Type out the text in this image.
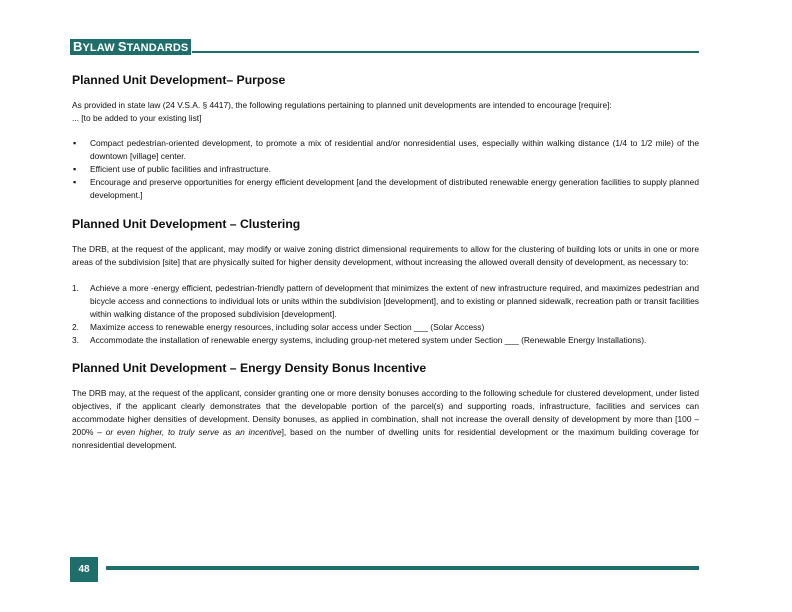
BYLAW STANDARDS
Planned Unit Development– Purpose

As provided in state law (24 V.S.A. § 4417), the following regulations pertaining to planned unit developments are intended to encourage [require]:

... [to be added to your existing list]

▪ Compact pedestrian-oriented development, to promote a mix of residential and/or nonresidential uses, especially within walking distance (1/4 to 1/2 mile) of the downtown [village] center.
▪ Efficient use of public facilities and infrastructure.
▪ Encourage and preserve opportunities for energy efficient development [and the development of distributed renewable energy generation facilities to supply planned development.]
Planned Unit Development – Clustering

The DRB, at the request of the applicant, may modify or waive zoning district dimensional requirements to allow for the clustering of building lots or units in one or more areas of the subdivision [site] that are physically suited for higher density development, without increasing the allowed overall density of development, as necessary to:

1. Achieve a more -energy efficient, pedestrian-friendly pattern of development that minimizes the extent of new infrastructure required, and maximizes pedestrian and bicycle access and connections to individual lots or units within the subdivision [development], and to existing or planned sidewalk, recreation path or transit facilities within walking distance of the proposed subdivision [development].
2. Maximize access to renewable energy resources, including solar access under Section ___ (Solar Access)
3. Accommodate the installation of renewable energy systems, including group-net metered system under Section ___ (Renewable Energy Installations).
Planned Unit Development – Energy Density Bonus Incentive

The DRB may, at the request of the applicant, consider granting one or more density bonuses according to the following schedule for clustered development, under listed objectives, if the applicant clearly demonstrates that the developable portion of the parcel(s) and supporting roads, infrastructure, facilities and services can accommodate higher densities of development. Density bonuses, as applied in combination, shall not increase the overall density of development by more than [100 – 200% – or even higher, to truly serve as an incentive], based on the number of dwelling units for residential development or the maximum building coverage for nonresidential development.

48
